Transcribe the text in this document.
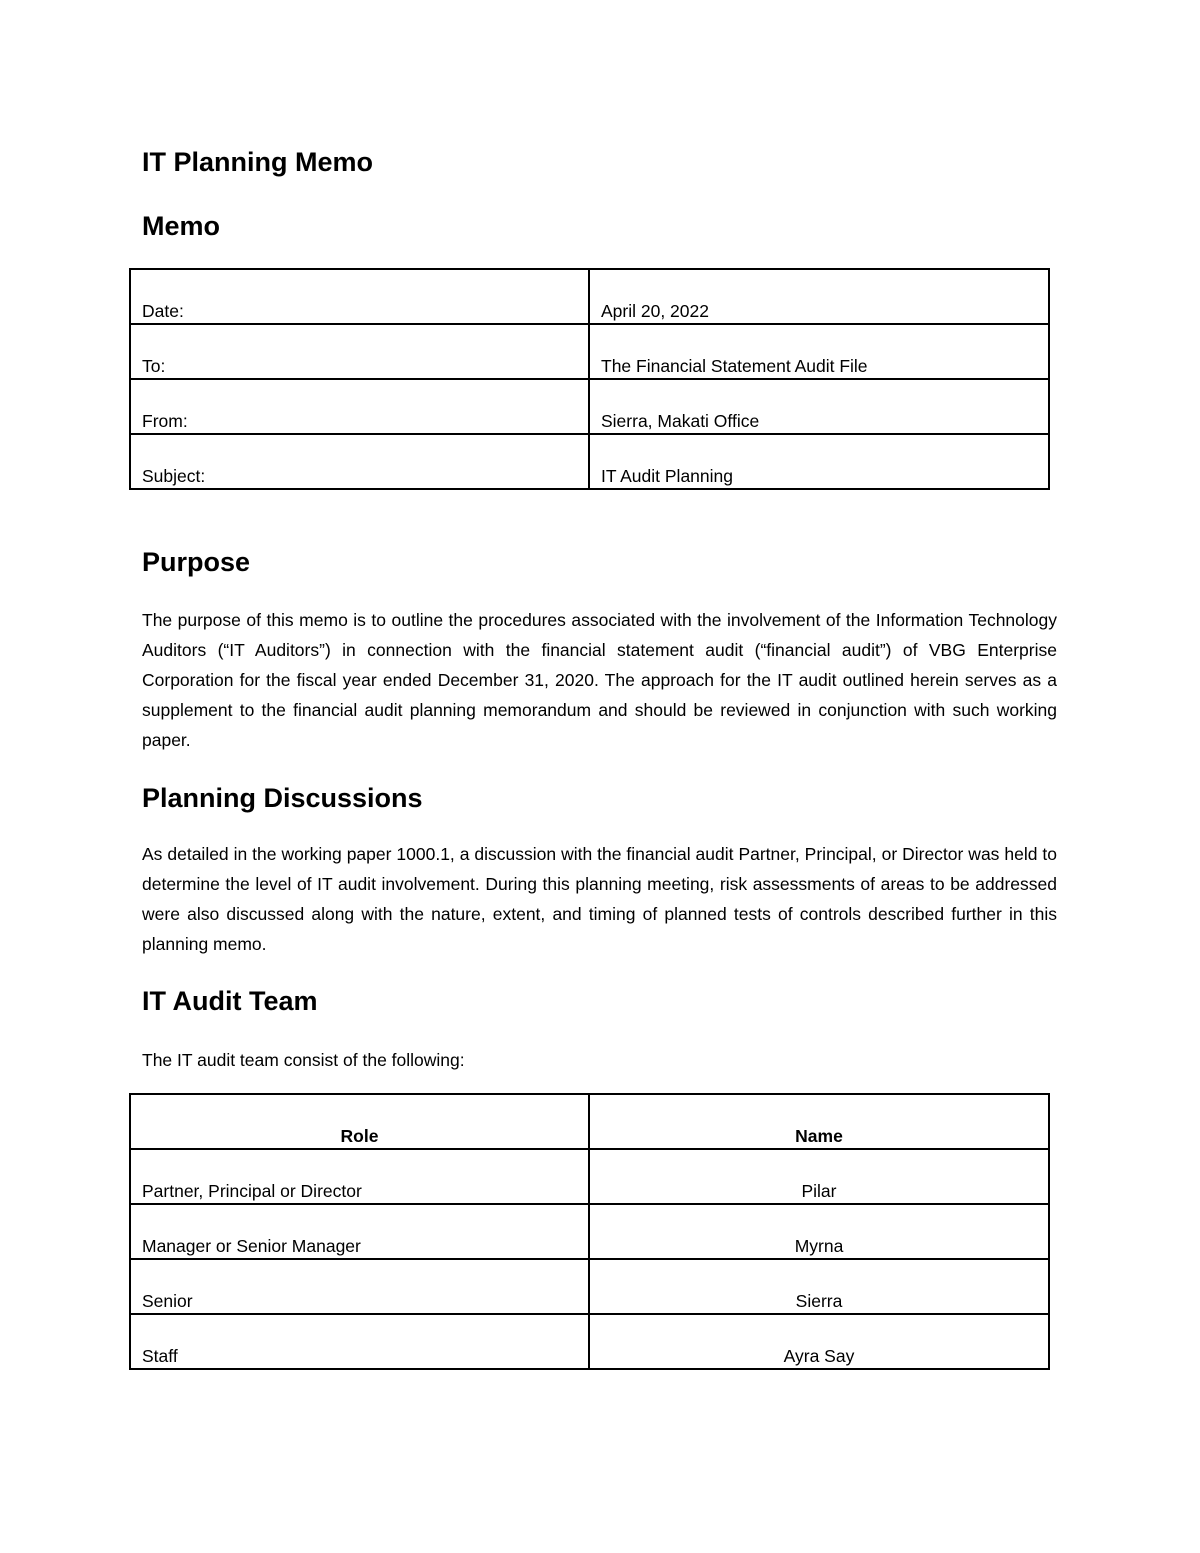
IT Planning Memo
Memo
Date:	April 20, 2022
To:	The Financial Statement Audit File
From:	Sierra, Makati Office
Subject:	IT Audit Planning
Purpose

The purpose of this memo is to outline the procedures associated with the involvement of the Information Technology Auditors (“IT Auditors”) in connection with the financial statement audit (“financial audit”) of VBG Enterprise Corporation for the fiscal year ended December 31, 2020. The approach for the IT audit outlined herein serves as a supplement to the financial audit planning memorandum and should be reviewed in conjunction with such working paper.

Planning Discussions

As detailed in the working paper 1000.1, a discussion with the financial audit Partner, Principal, or Director was held to determine the level of IT audit involvement. During this planning meeting, risk assessments of areas to be addressed were also discussed along with the nature, extent, and timing of planned tests of controls described further in this planning memo.

IT Audit Team

The IT audit team consist of the following:

Role	Name
Partner, Principal or Director	Pilar
Manager or Senior Manager	Myrna
Senior	Sierra
Staff	Ayra Say
